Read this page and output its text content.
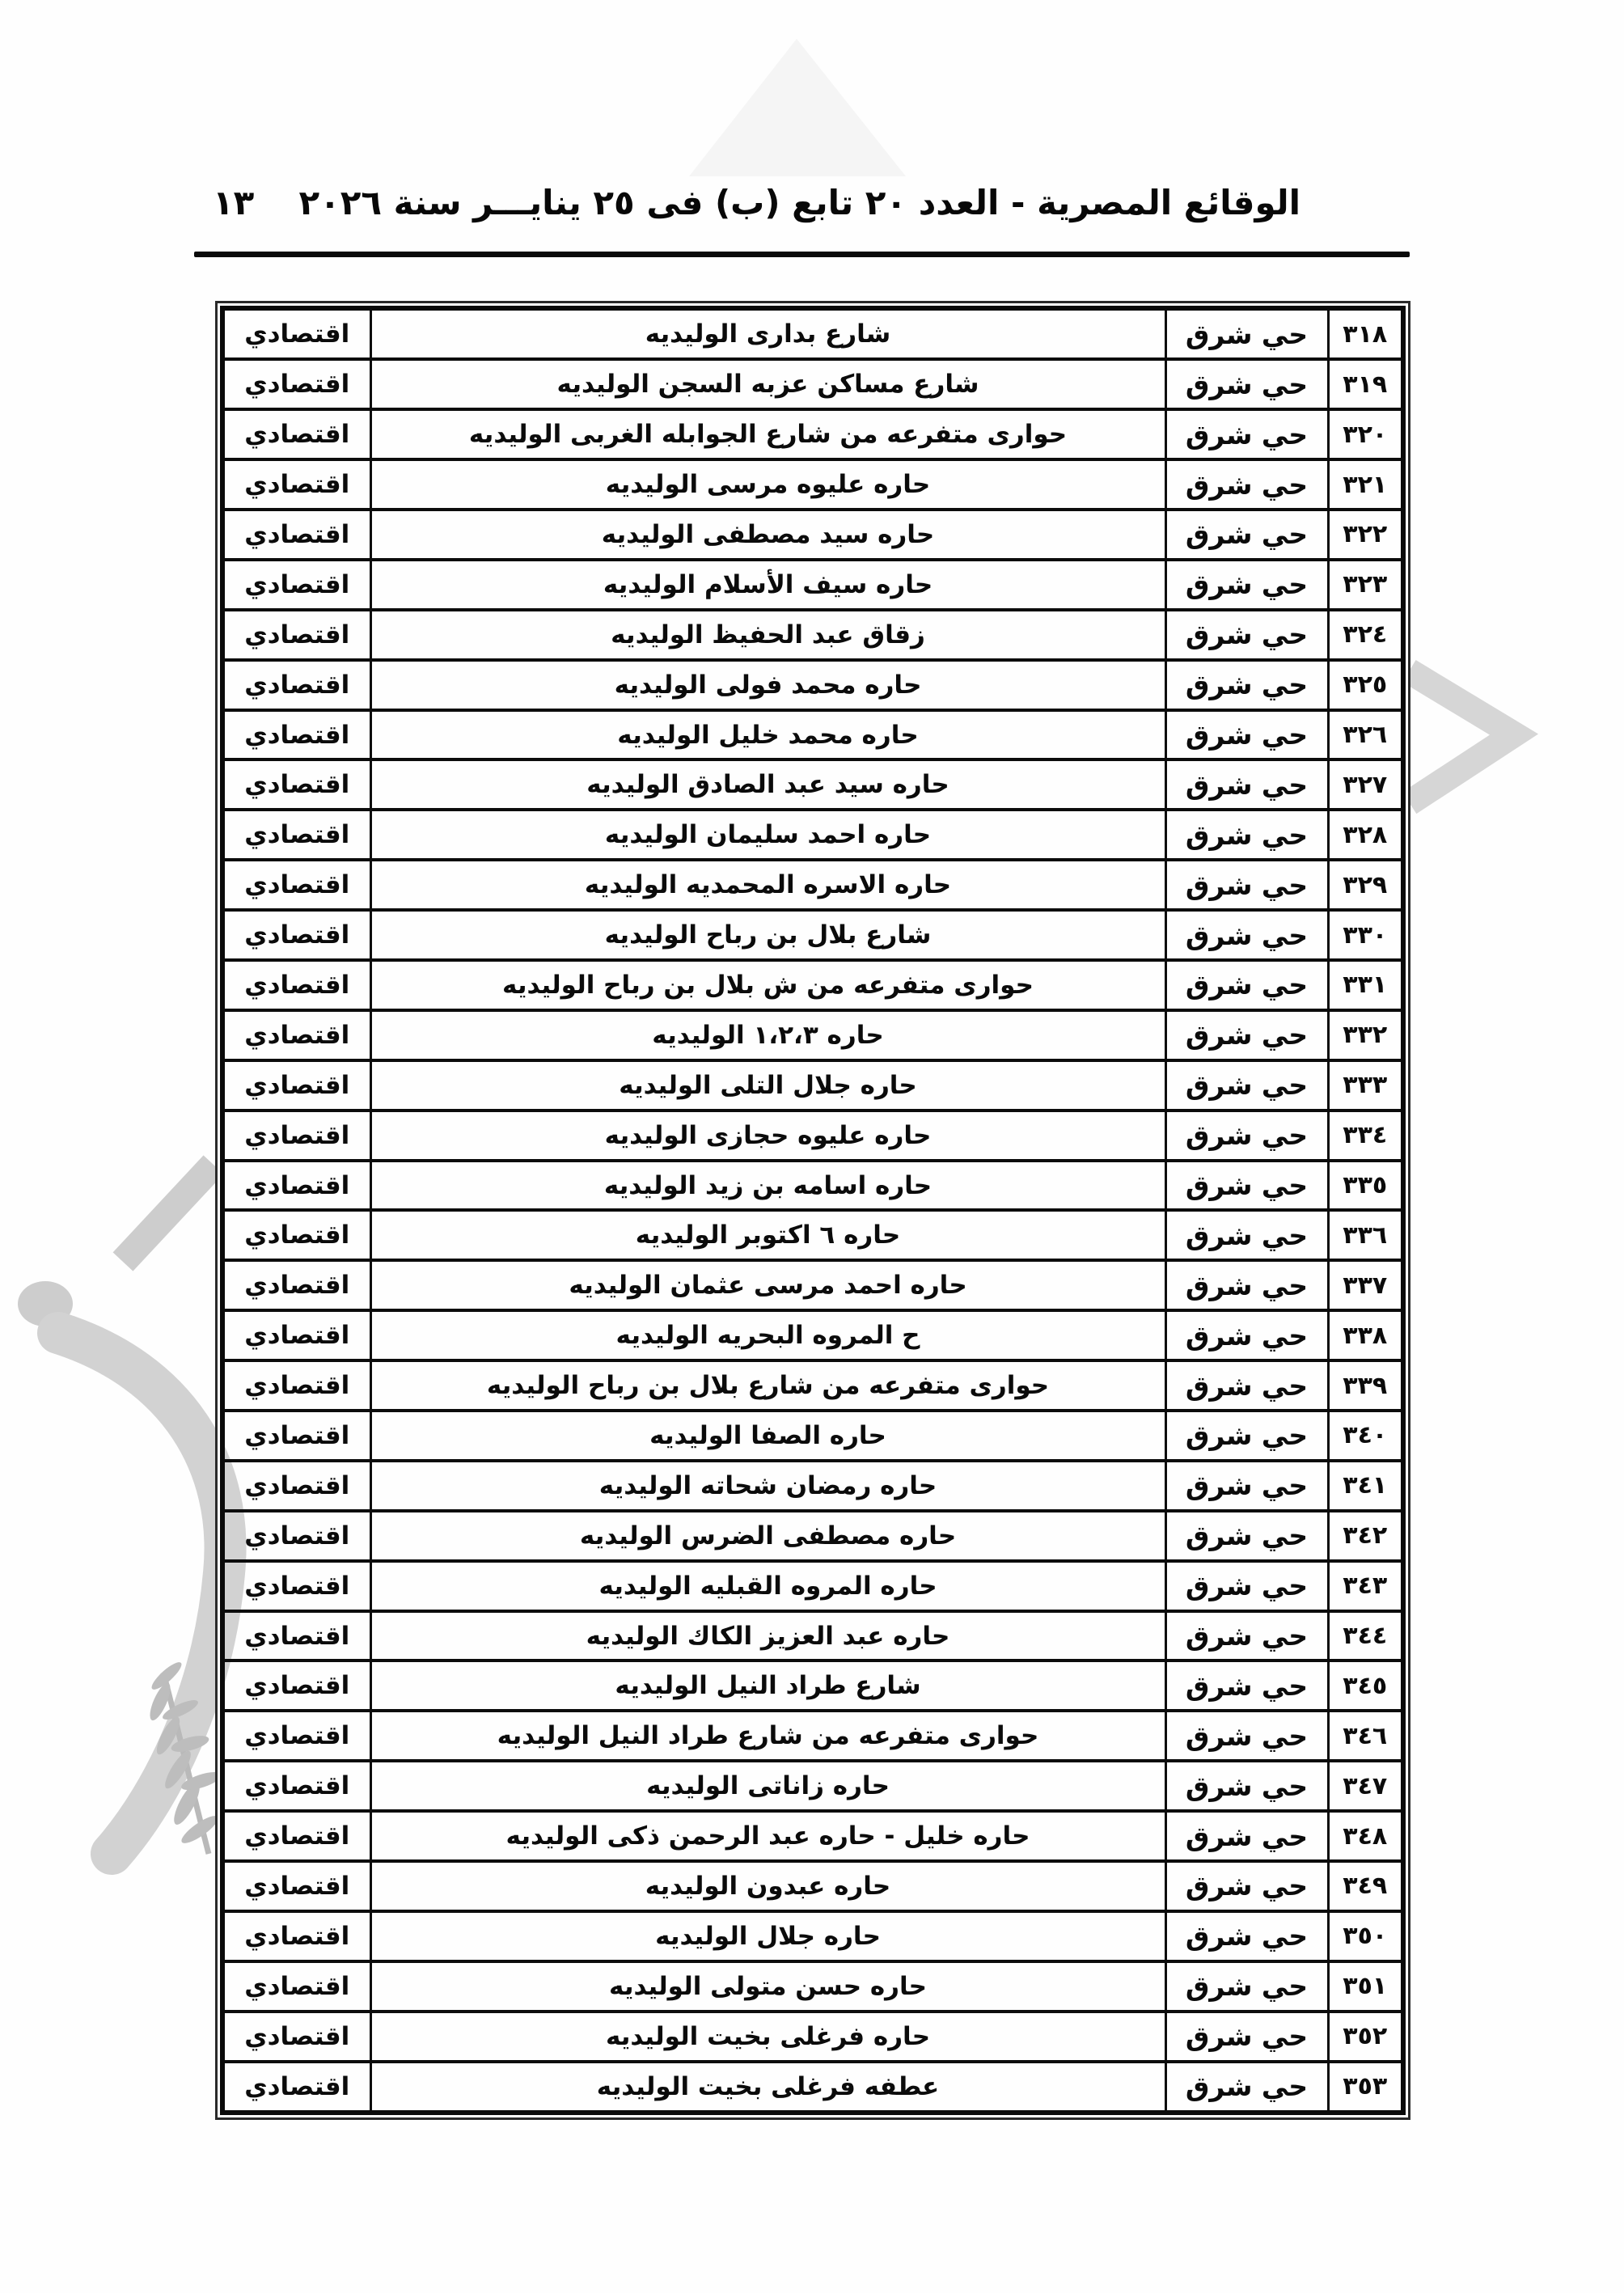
الوقائع المصرية - العدد ٢٠ تابع (ب) فى ٢٥ ينايـــر سنة ٢٠٢٦
١٣
٣١٨	حي شرق	شارع بدارى الوليديه	اقتصادي
٣١٩	حي شرق	شارع مساكن عزبه السجن الوليديه	اقتصادي
٣٢٠	حي شرق	حوارى متفرعه من شارع الجوابله الغربى الوليديه	اقتصادي
٣٢١	حي شرق	حاره عليوه مرسى الوليديه	اقتصادي
٣٢٢	حي شرق	حاره سيد مصطفى الوليديه	اقتصادي
٣٢٣	حي شرق	حاره سيف الأسلام الوليديه	اقتصادي
٣٢٤	حي شرق	زقاق عبد الحفيظ الوليديه	اقتصادي
٣٢٥	حي شرق	حاره محمد فولى الوليديه	اقتصادي
٣٢٦	حي شرق	حاره محمد خليل الوليديه	اقتصادي
٣٢٧	حي شرق	حاره سيد عبد الصادق الوليديه	اقتصادي
٣٢٨	حي شرق	حاره احمد سليمان الوليديه	اقتصادي
٣٢٩	حي شرق	حاره الاسره المحمديه الوليديه	اقتصادي
٣٣٠	حي شرق	شارع بلال بن رباح الوليديه	اقتصادي
٣٣١	حي شرق	حوارى متفرعه من ش بلال بن رباح الوليديه	اقتصادي
٣٣٢	حي شرق	حاره ١،٢،٣ الوليديه	اقتصادي
٣٣٣	حي شرق	حاره جلال التلى الوليديه	اقتصادي
٣٣٤	حي شرق	حاره عليوه حجازى الوليديه	اقتصادي
٣٣٥	حي شرق	حاره اسامه بن زيد الوليديه	اقتصادي
٣٣٦	حي شرق	حاره ٦ اكتوبر الوليديه	اقتصادي
٣٣٧	حي شرق	حاره احمد مرسى عثمان الوليديه	اقتصادي
٣٣٨	حي شرق	ح المروه البحريه الوليديه	اقتصادي
٣٣٩	حي شرق	حوارى متفرعه من شارع بلال بن رباح الوليديه	اقتصادي
٣٤٠	حي شرق	حاره الصفا الوليديه	اقتصادي
٣٤١	حي شرق	حاره رمضان شحاته الوليديه	اقتصادي
٣٤٢	حي شرق	حاره مصطفى الضرس الوليديه	اقتصادي
٣٤٣	حي شرق	حاره المروه القبليه الوليديه	اقتصادي
٣٤٤	حي شرق	حاره عبد العزيز الكاك الوليديه	اقتصادي
٣٤٥	حي شرق	شارع طراد النيل الوليديه	اقتصادي
٣٤٦	حي شرق	حوارى متفرعه من شارع طراد النيل الوليديه	اقتصادي
٣٤٧	حي شرق	حاره زاناتى الوليديه	اقتصادي
٣٤٨	حي شرق	حاره خليل - حاره عبد الرحمن ذكى الوليديه	اقتصادي
٣٤٩	حي شرق	حاره عبدون الوليديه	اقتصادي
٣٥٠	حي شرق	حاره جلال الوليديه	اقتصادي
٣٥١	حي شرق	حاره حسن متولى الوليديه	اقتصادي
٣٥٢	حي شرق	حاره فرغلى بخيت الوليديه	اقتصادي
٣٥٣	حي شرق	عطفه فرغلى بخيت الوليديه	اقتصادي
